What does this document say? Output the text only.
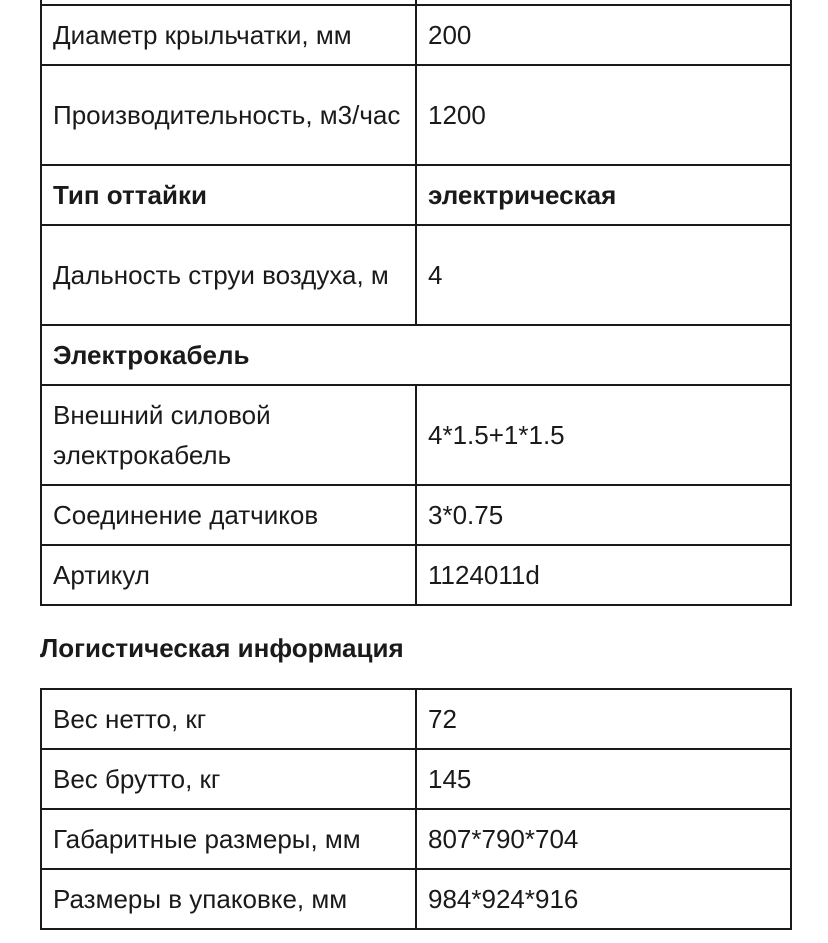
Диаметр крыльчатки, мм	200
Производительность, м3/час	1200
Тип оттайки	электрическая
Дальность струи воздуха, м	4
Электрокабель	
Внешний силовой электрокабель	4*1.5+1*1.5
Соединение датчиков	3*0.75
Артикул	1124011d
Логистическая информация
Вес нетто, кг	72
Вес брутто, кг	145
Габаритные размеры, мм	807*790*704
Размеры в упаковке, мм	984*924*916
